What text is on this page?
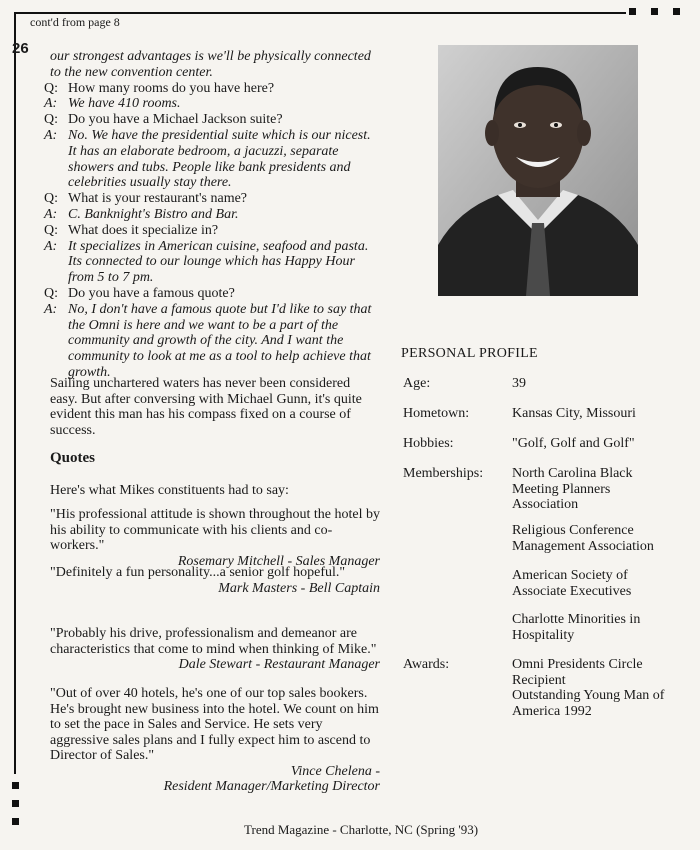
cont'd from page 8
26	our strongest advantages is we'll be physically connected to the new convention center.
Q: How many rooms do you have here?
A: We have 410 rooms.
Q: Do you have a Michael Jackson suite?
A: No. We have the presidential suite which is our nicest. It has an elaborate bedroom, a jacuzzi, separate showers and tubs. People like bank presidents and celebrities usually stay there.
Q: What is your restaurant's name?
A: C. Banknight's Bistro and Bar.
Q: What does it specialize in?
A: It specializes in American cuisine, seafood and pasta. Its connected to our lounge which has Happy Hour from 5 to 7 pm.
Q: Do you have a famous quote?
A: No, I don't have a famous quote but I'd like to say that the Omni is here and we want to be a part of the community and growth of the city. And I want the community to look at me as a tool to help achieve that growth.
Sailing unchartered waters has never been considered easy. But after conversing with Michael Gunn, it's quite evident this man has his compass fixed on a course of success.
Quotes
Here's what Mikes constituents had to say:
"His professional attitude is shown throughout the hotel by his ability to communicate with his clients and co-workers."
Rosemary Mitchell - Sales Manager
"Definitely a fun personality...a senior golf hopeful."
Mark Masters - Bell Captain
"Probably his drive, professionalism and demeanor are characteristics that come to mind when thinking of Mike."
Dale Stewart - Restaurant Manager
"Out of over 40 hotels, he's one of our top sales bookers. He's brought new business into the hotel. We count on him to set the pace in Sales and Service. He sets very aggressive sales plans and I fully expect him to ascend to Director of Sales."
Vince Chelena -
Resident Manager/Marketing Director
PERSONAL PROFILE
Age:	39
Hometown:	Kansas City, Missouri
Hobbies:	"Golf, Golf and Golf"
Memberships: North Carolina Black Meeting Planners Association
Religious Conference Management Association
American Society of Associate Executives
Charlotte Minorities in Hospitality
Awards:	Omni Presidents Circle Recipient
Outstanding Young Man of America 1992
Trend Magazine - Charlotte, NC (Spring '93)
